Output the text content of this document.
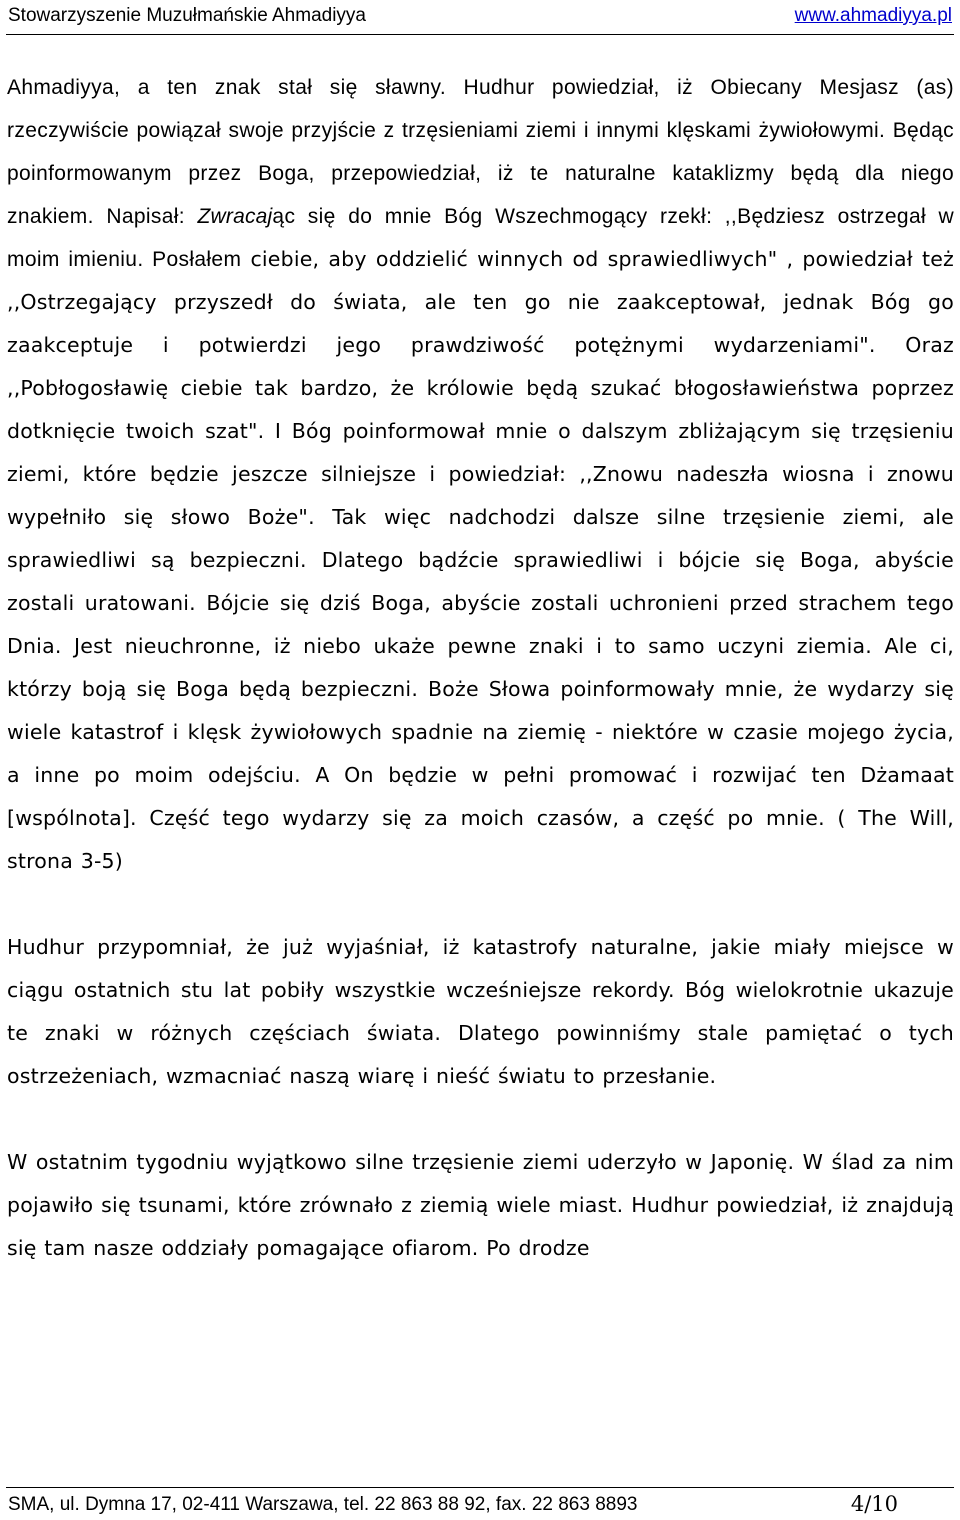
Stowarzyszenie Muzułmańskie Ahmadiyya	www.ahmadiyya.pl

Ahmadiyya, a ten znak stał się sławny. Hudhur powiedział, iż Obiecany Mesjasz (as) rzeczywiście powiązał swoje przyjście z trzęsieniami ziemi i innymi klęskami żywiołowymi. Będąc poinformowanym przez Boga, przepowiedział, iż te naturalne kataklizmy będą dla niego znakiem. Napisał: Zwracając się do mnie Bóg Wszechmogący rzekł: ,,Będziesz ostrzegał w moim imieniu. Posłałem ciebie, aby oddzielić winnych od sprawiedliwych" , powiedział też ,,Ostrzegający przyszedł do świata, ale ten go nie zaakceptował, jednak Bóg go zaakceptuje i potwierdzi jego prawdziwość potężnymi wydarzeniami". Oraz ,,Pobłogosławię ciebie tak bardzo, że królowie będą szukać błogosławieństwa poprzez dotknięcie twoich szat". I Bóg poinformował mnie o dalszym zbliżającym się trzęsieniu ziemi, które będzie jeszcze silniejsze i powiedział: ,,Znowu nadeszła wiosna i znowu wypełniło się słowo Boże". Tak więc nadchodzi dalsze silne trzęsienie ziemi, ale sprawiedliwi są bezpieczni. Dlatego bądźcie sprawiedliwi i bójcie się Boga, abyście zostali uratowani. Bójcie się dziś Boga, abyście zostali uchronieni przed strachem tego Dnia. Jest nieuchronne, iż niebo ukaże pewne znaki i to samo uczyni ziemia. Ale ci, którzy boją się Boga będą bezpieczni. Boże Słowa poinformowały mnie, że wydarzy się wiele katastrof i klęsk żywiołowych spadnie na ziemię - niektóre w czasie mojego życia, a inne po moim odejściu. A On będzie w pełni promować i rozwijać ten Dżamaat [wspólnota]. Część tego wydarzy się za moich czasów, a część po mnie. ( The Will, strona 3-5)

Hudhur przypomniał, że już wyjaśniał, iż katastrofy naturalne, jakie miały miejsce w ciągu ostatnich stu lat pobiły wszystkie wcześniejsze rekordy. Bóg wielokrotnie ukazuje te znaki w różnych częściach świata. Dlatego powinniśmy stale pamiętać o tych ostrzeżeniach, wzmacniać naszą wiarę i nieść światu to przesłanie.

W ostatnim tygodniu wyjątkowo silne trzęsienie ziemi uderzyło w Japonię. W ślad za nim pojawiło się tsunami, które zrównało z ziemią wiele miast. Hudhur powiedział, iż znajdują się tam nasze oddziały pomagające ofiarom. Po drodze

SMA, ul. Dymna 17, 02-411 Warszawa, tel. 22 863 88 92, fax. 22 863 8893	4/10
